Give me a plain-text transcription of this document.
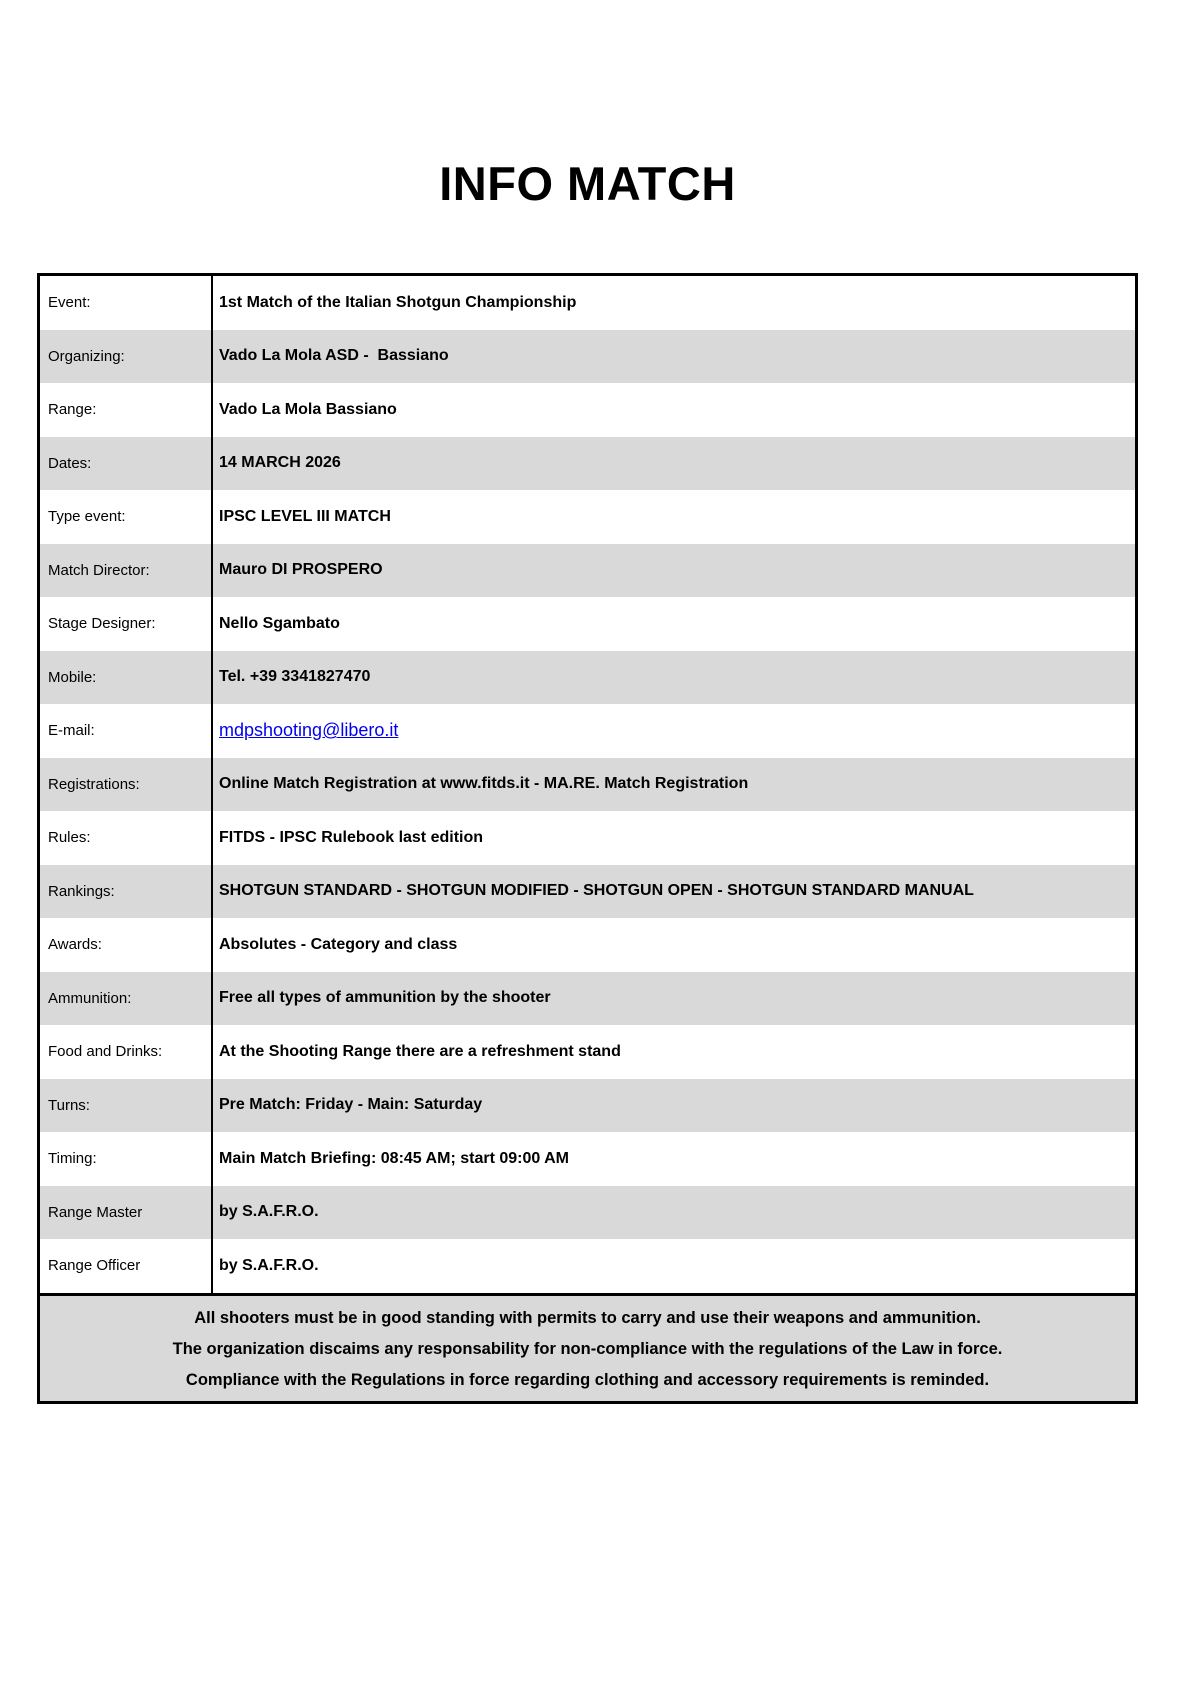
INFO MATCH
Event:	1st Match of the Italian Shotgun Championship
Organizing:	Vado La Mola ASD -  Bassiano
Range:	Vado La Mola Bassiano
Dates:	14 MARCH 2026
Type event:	IPSC LEVEL III MATCH
Match Director:	Mauro DI PROSPERO
Stage Designer:	Nello Sgambato
Mobile:	Tel. +39 3341827470
E-mail:	mdpshooting@libero.it
Registrations:	Online Match Registration at www.fitds.it - MA.RE. Match Registration
Rules:	FITDS - IPSC Rulebook last edition
Rankings:	SHOTGUN STANDARD - SHOTGUN MODIFIED - SHOTGUN OPEN - SHOTGUN STANDARD MANUAL
Awards:	Absolutes - Category and class
Ammunition:	Free all types of ammunition by the shooter
Food and Drinks:	At the Shooting Range there are a refreshment stand
Turns:	Pre Match: Friday - Main: Saturday
Timing:	Main Match Briefing: 08:45 AM; start 09:00 AM
Range Master	by S.A.F.R.O.
Range Officer	by S.A.F.R.O.

All shooters must be in good standing with permits to carry and use their weapons and ammunition.

The organization discaims any responsability for non-compliance with the regulations of the Law in force.

Compliance with the Regulations in force regarding clothing and accessory requirements is reminded.
